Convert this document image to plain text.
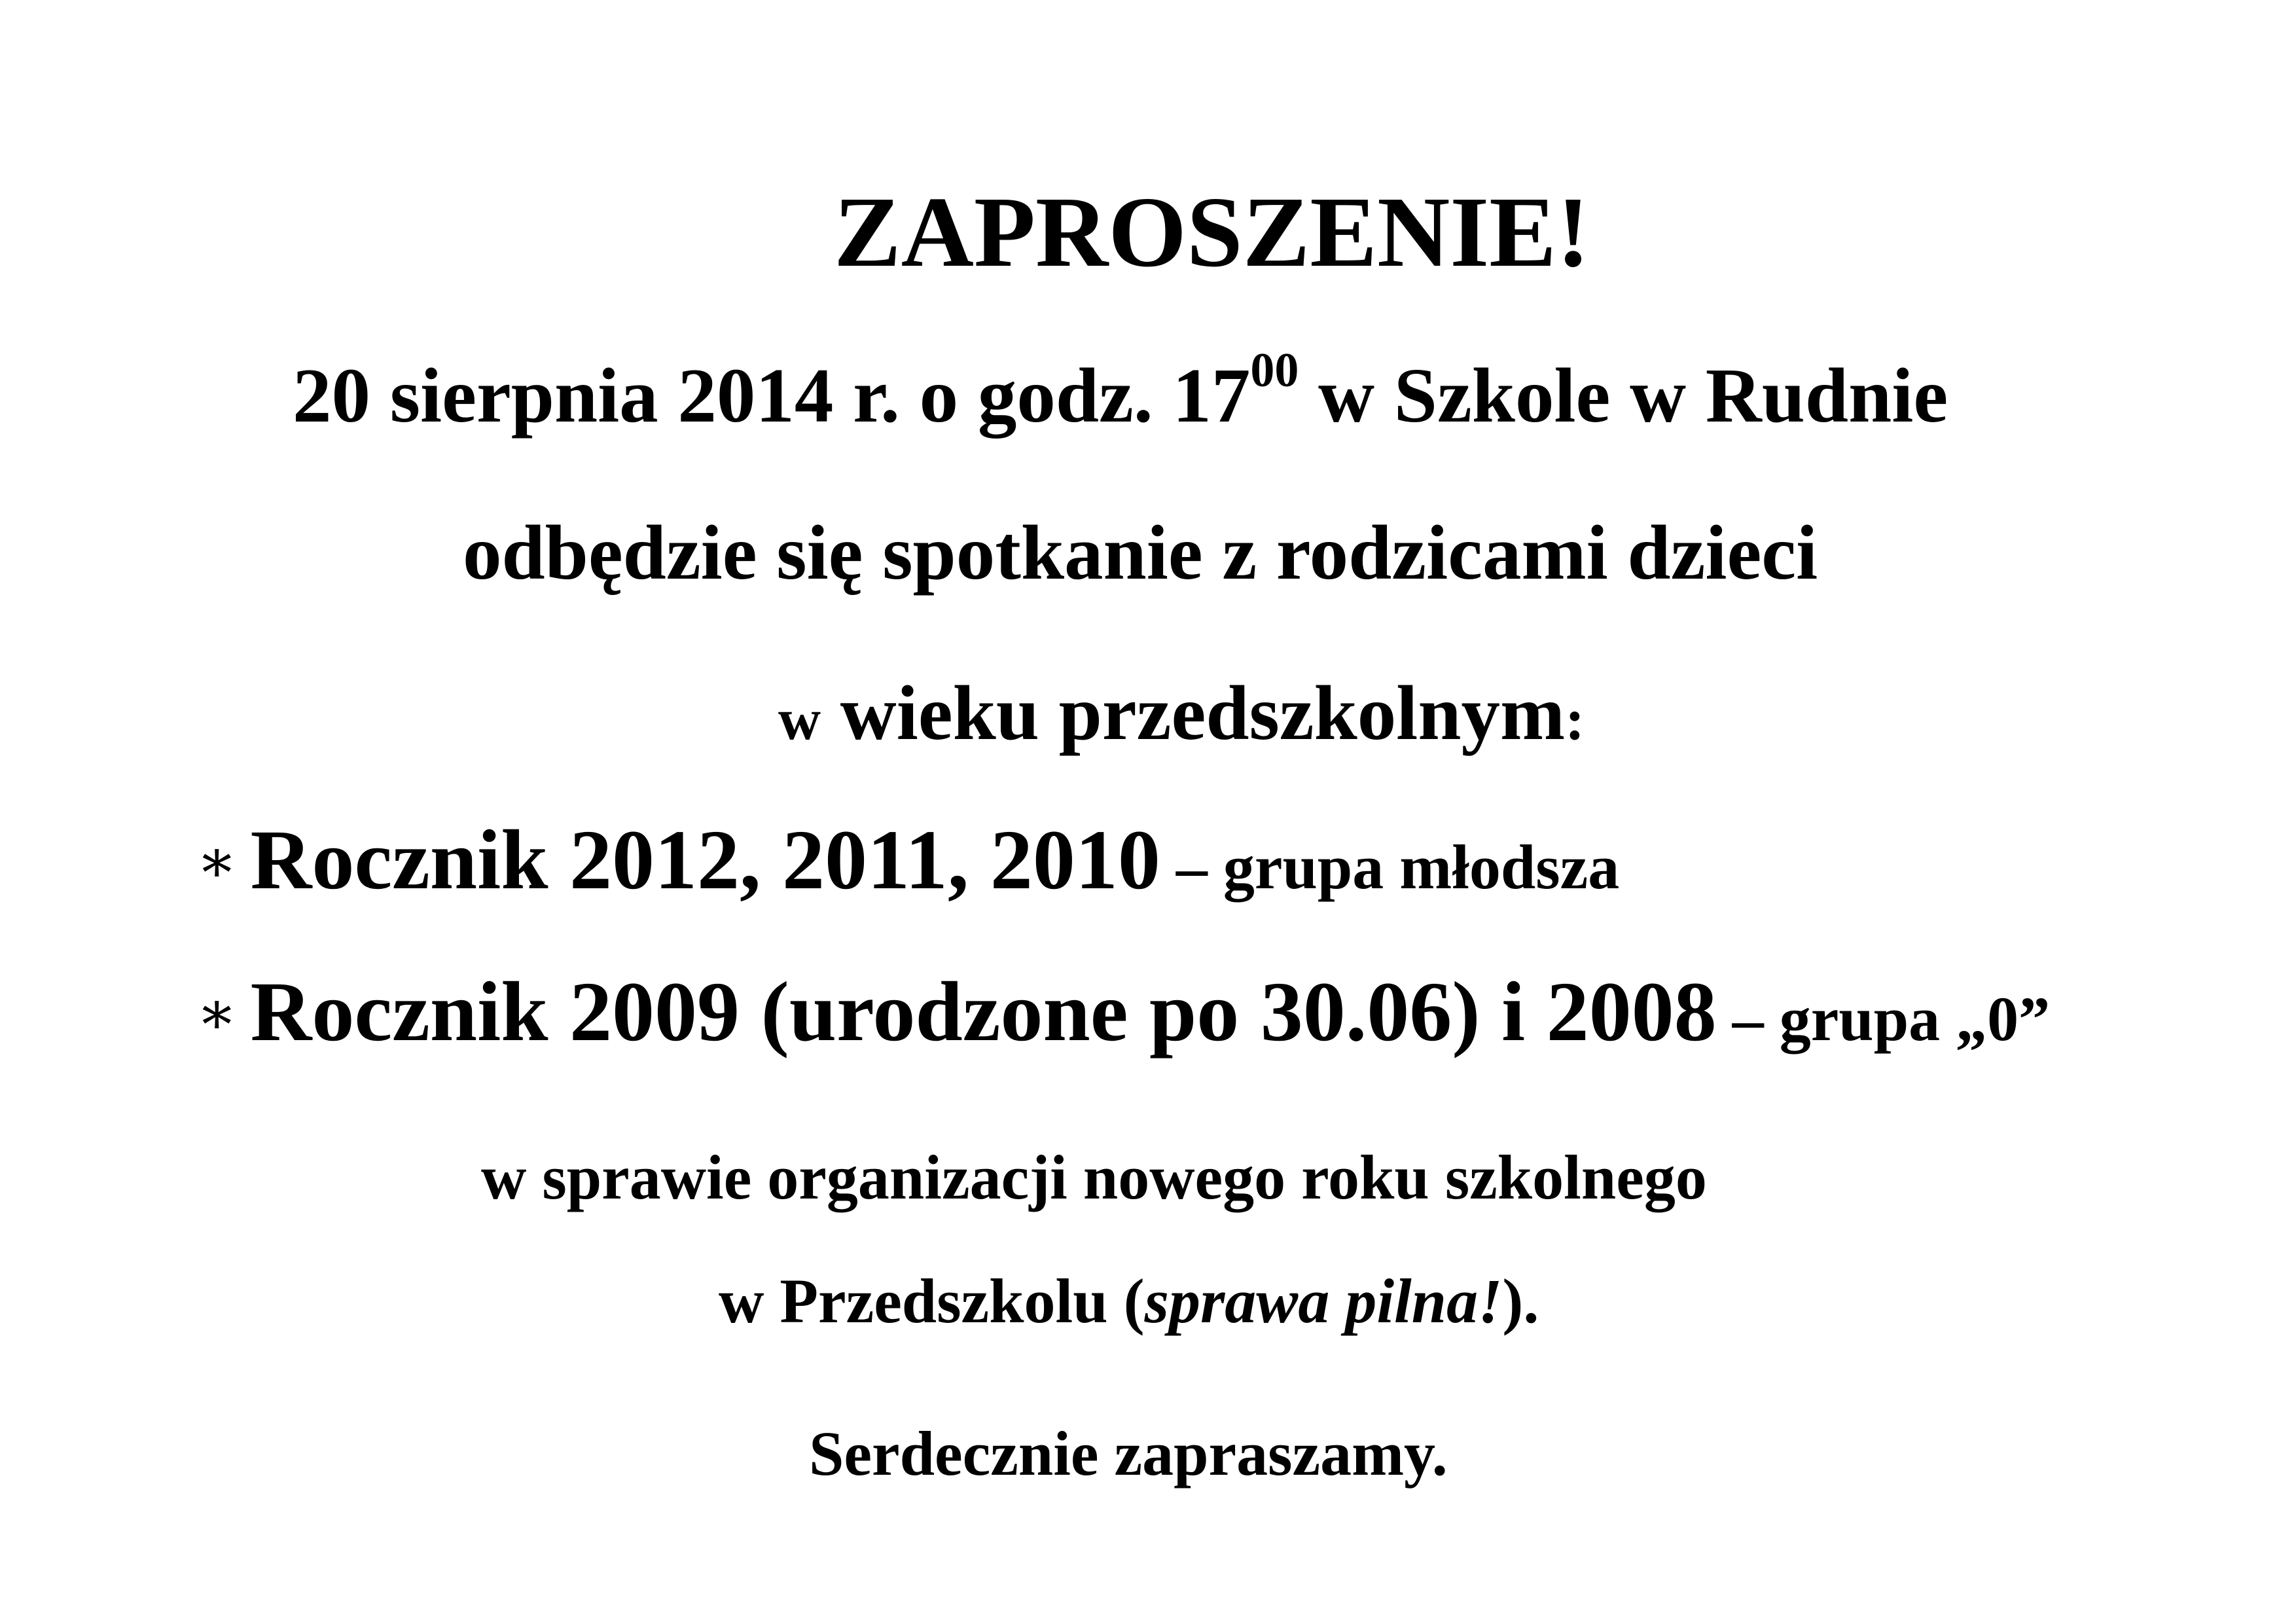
ZAPROSZENIE!
20 sierpnia 2014 r. o godz. $17^{00}$ w Szkole w Rudnie
odbędzie się spotkanie z rodzicami dzieci
w wieku przedszkolnym:
∗ Rocznik 2012, 2011, 2010 – grupa młodsza
∗ Rocznik 2009 (urodzone po 30.06) i 2008 – grupa „0”
w sprawie organizacji nowego roku szkolnego
w Przedszkolu (sprawa pilna!).
Serdecznie zapraszamy.
